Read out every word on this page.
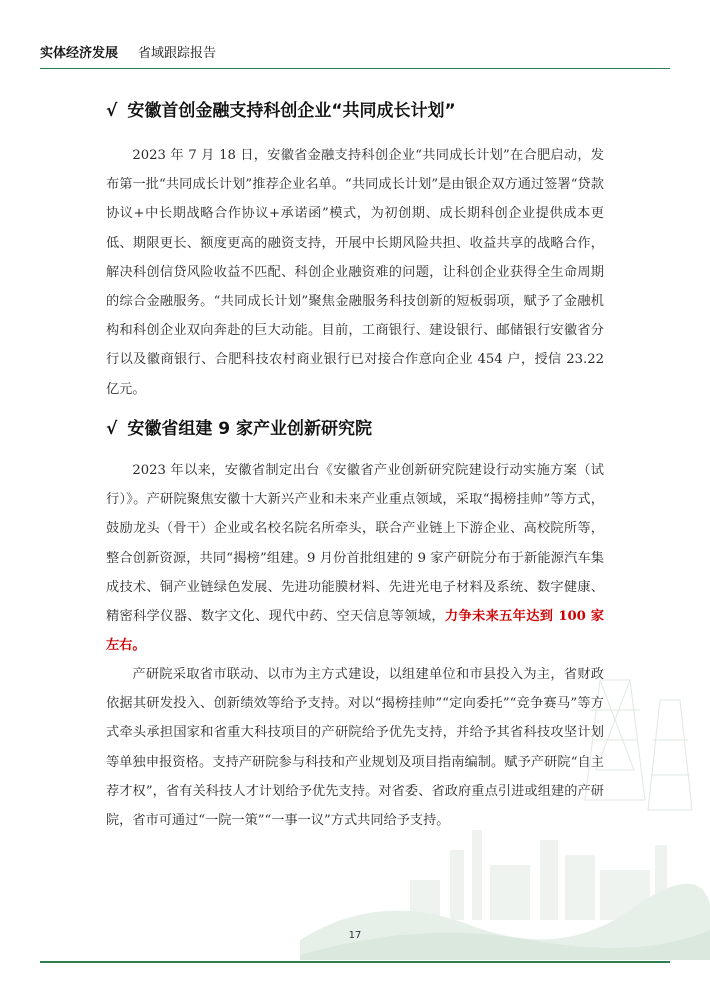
实体经济发展 省域跟踪报告
√ 安徽首创金融支持科创企业“共同成长计划”
2023 年 7 月 18 日，安徽省金融支持科创企业“共同成长计划”在合肥启动，发布第一批“共同成长计划”推荐企业名单。“共同成长计划”是由银企双方通过签署“贷款协议+中长期战略合作协议+承诺函”模式，为初创期、成长期科创企业提供成本更低、期限更长、额度更高的融资支持，开展中长期风险共担、收益共享的战略合作，解决科创信贷风险收益不匹配、科创企业融资难的问题，让科创企业获得全生命周期的综合金融服务。“共同成长计划”聚焦金融服务科技创新的短板弱项，赋予了金融机构和科创企业双向奔赴的巨大动能。目前，工商银行、建设银行、邮储银行安徽省分行以及徽商银行、合肥科技农村商业银行已对接合作意向企业 454 户，授信 23.22 亿元。
√ 安徽省组建 9 家产业创新研究院
2023 年以来，安徽省制定出台《安徽省产业创新研究院建设行动实施方案（试行）》。产研院聚焦安徽十大新兴产业和未来产业重点领域，采取“揭榜挂帅”等方式，鼓励龙头（骨干）企业或名校名院名所牵头，联合产业链上下游企业、高校院所等，整合创新资源，共同“揭榜”组建。9 月份首批组建的 9 家产研院分布于新能源汽车集成技术、铜产业链绿色发展、先进功能膜材料、先进光电子材料及系统、数字健康、精密科学仪器、数字文化、现代中药、空天信息等领域，力争未来五年达到 100 家左右。
产研院采取省市联动、以市为主方式建设，以组建单位和市县投入为主，省财政依据其研发投入、创新绩效等给予支持。对以“揭榜挂帅”“定向委托”“竞争赛马”等方式牵头承担国家和省重大科技项目的产研院给予优先支持，并给予其省科技攻坚计划等单独申报资格。支持产研院参与科技和产业规划及项目指南编制。赋予产研院“自主荐才权”，省有关科技人才计划给予优先支持。对省委、省政府重点引进或组建的产研院，省市可通过“一院一策”“一事一议”方式共同给予支持。
17
